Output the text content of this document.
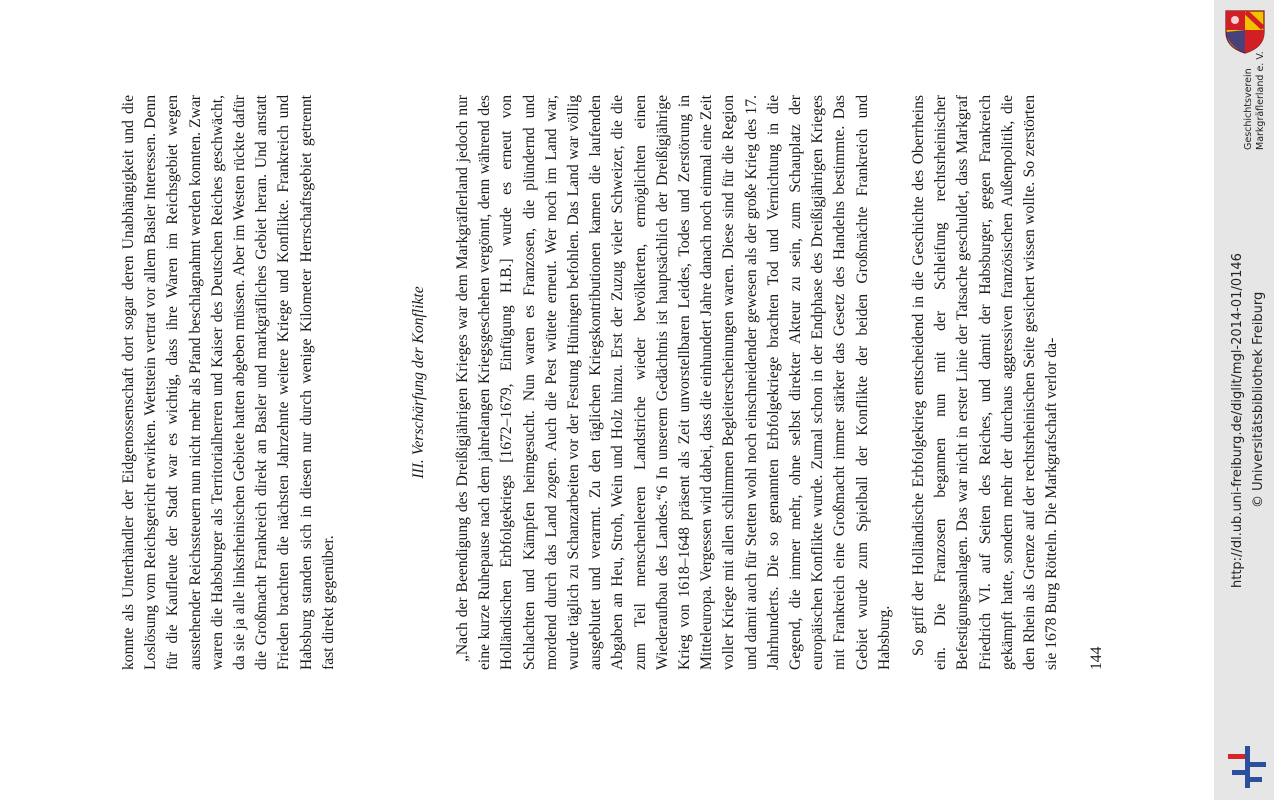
konnte als Unterhändler der Eidgenossenschaft dort sogar deren Unabhängigkeit und die Loslösung vom Reichsgericht erwirken. Wettstein vertrat vor allem Basler Interessen. Denn für die Kaufleute der Stadt war es wichtig, dass ihre Waren im Reichsgebiet wegen ausstehender Reichssteuern nun nicht mehr als Pfand beschlagnahmt werden konnten. Zwar waren die Habsburger als Territorialherren und Kaiser des Deutschen Reiches geschwächt, da sie ja alle linksrheinischen Gebiete hatten abgeben müssen. Aber im Westen rückte dafür die Großmacht Frankreich direkt an Basler und markgräfliches Gebiet heran. Und anstatt Frieden brachten die nächsten Jahrzehnte weitere Kriege und Konflikte. Frankreich und Habsburg standen sich in diesen nur durch wenige Kilometer Herrschaftsgebiet getrennt fast direkt gegenüber.

III. Verschärfung der Konflikte „Nach der Beendigung des Dreißigjährigen Krieges war dem Markgräflerland jedoch nur eine kurze Ruhepause nach dem jahrelangen Kriegsgeschehen vergönnt, denn während des Holländischen Erbfolgekriegs [1672–1679, Einfügung H.B.] wurde es erneut von Schlachten und Kämpfen heimgesucht. Nun waren es Franzosen, die plündernd und mordend durch das Land zogen. Auch die Pest wütete erneut. Wer noch im Land war, wurde täglich zu Schanzarbeiten vor der Festung Hüningen befohlen. Das Land war völlig ausgeblutet und verarmt. Zu den täglichen Kriegskontributionen kamen die laufenden Abgaben an Heu, Stroh, Wein und Holz hinzu. Erst der Zuzug vieler Schweizer, die die zum Teil menschenleeren Landstriche wieder bevölkerten, ermöglichten einen Wiederaufbau des Landes.“6 In unserem Gedächtnis ist hauptsächlich der Dreißigjährige Krieg von 1618–1648 präsent als Zeit unvorstellbaren Leides, Todes und Zerstörung in Mitteleuropa. Vergessen wird dabei, dass die einhundert Jahre danach noch einmal eine Zeit voller Kriege mit allen schlimmen Begleiterscheinungen waren. Diese sind für die Region und damit auch für Stetten wohl noch einschneidender gewesen als der große Krieg des 17. Jahrhunderts. Die so genannten Erbfolgekriege brachten Tod und Vernichtung in die Gegend, die immer mehr, ohne selbst direkter Akteur zu sein, zum Schauplatz der europäischen Konflikte wurde. Zumal schon in der Endphase des Dreißigjährigen Krieges mit Frankreich eine Großmacht immer stärker das Gesetz des Handelns bestimmte. Das Gebiet wurde zum Spielball der Konflikte der beiden Großmächte Frankreich und Habsburg. So griff der Holländische Erbfolgekrieg entscheidend in die Geschichte des Oberrheins ein. Die Franzosen begannen nun mit der Schleifung rechtsrheinischer Befestigungsanlagen. Das war nicht in erster Linie der Tatsache geschuldet, dass Markgraf Friedrich VI. auf Seiten des Reiches, und damit der Habsburger, gegen Frankreich gekämpft hatte, sondern mehr der durchaus aggressiven französischen Außenpolitik, die den Rhein als Grenze auf der rechtsrheinischen Seite gesichert wissen wollte. So zerstörten sie 1678 Burg Rötteln. Die Markgrafschaft verlor da- 144

Geschichtsverein Markgräflerland e. V.
http://dl.ub.uni-freiburg.de/diglit/mgl-2014-01/0146 © Universitätsbibliothek Freiburg
